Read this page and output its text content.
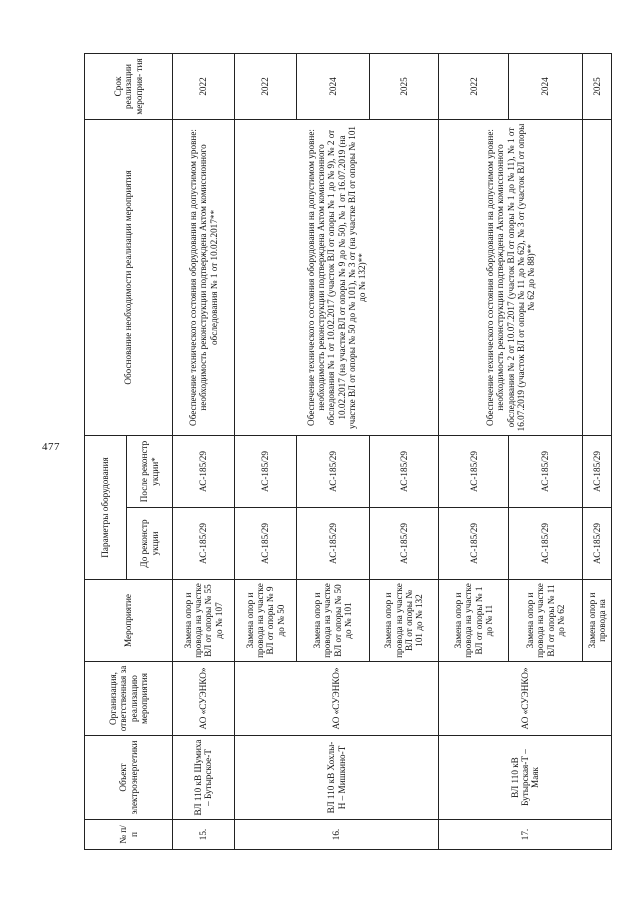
477
№ п/п	Объект электроэнергетики	Организация, ответственная за реализацию мероприятия	Мероприятие	Параметры оборудования		Обоснование необходимости реализации мероприятия	Срок реализации мероприя- тия
				До реконстр укции	После реконстр укции*		
15.	ВЛ 110 кВ Шумиха – Бутырское-Т	АО «СУЭНКО»	Замена опор и провода на участке ВЛ от опоры № 55 до № 107	АС-185/29	АС-185/29	Обеспечение технического состояния оборудования на допустимом уровне: необходимость реконструкции подтверждена Актом комиссионного обследования № 1 от 10.02.2017**	2022
16.	ВЛ 110 кВ Хохлы-Н – Мишкино-Т	АО «СУЭНКО»	Замена опор и провода на участке ВЛ от опоры № 9 до № 50	АС-185/29	АС-185/29	Обеспечение технического состояния оборудования на допустимом уровне: необходимость реконструкции подтверждена Актом комиссионного обследования № 1 от 10.02.2017 (участок ВЛ от опоры № 1 до № 9), № 2 от 10.02.2017 (на участке ВЛ от опоры № 9 до № 50), № 1 от 16.07.2019 (на участке ВЛ от опоры № 50 до № 101), № 3 от (на участке ВЛ от опоры № 101 до № 132)**	2022
			Замена опор и провода на участке ВЛ от опоры № 50 до № 101	АС-185/29	АС-185/29		2024
			Замена опор и провода на участке ВЛ от опоры № 101 до № 132	АС-185/29	АС-185/29		2025
17.	ВЛ 110 кВ Бутырская-Т – Маяк	АО «СУЭНКО»	Замена опор и провода на участке ВЛ от опоры № 1 до № 11	АС-185/29	АС-185/29	Обеспечение технического состояния оборудования на допустимом уровне: необходимость реконструкции подтверждена Актом комиссионного обследования № 2 от 10.07.2017 (участок ВЛ от опоры № 1 до № 11), № 1 от 16.07.2019 (участок ВЛ от опоры № 11 до № 62), № 3 от (участок ВЛ от опоры № 62 до № 88)**	2022
			Замена опор и провода на участке ВЛ от опоры № 11 до № 62	АС-185/29	АС-185/29		2024
			Замена опор и провода на	АС-185/29	АС-185/29		2025
